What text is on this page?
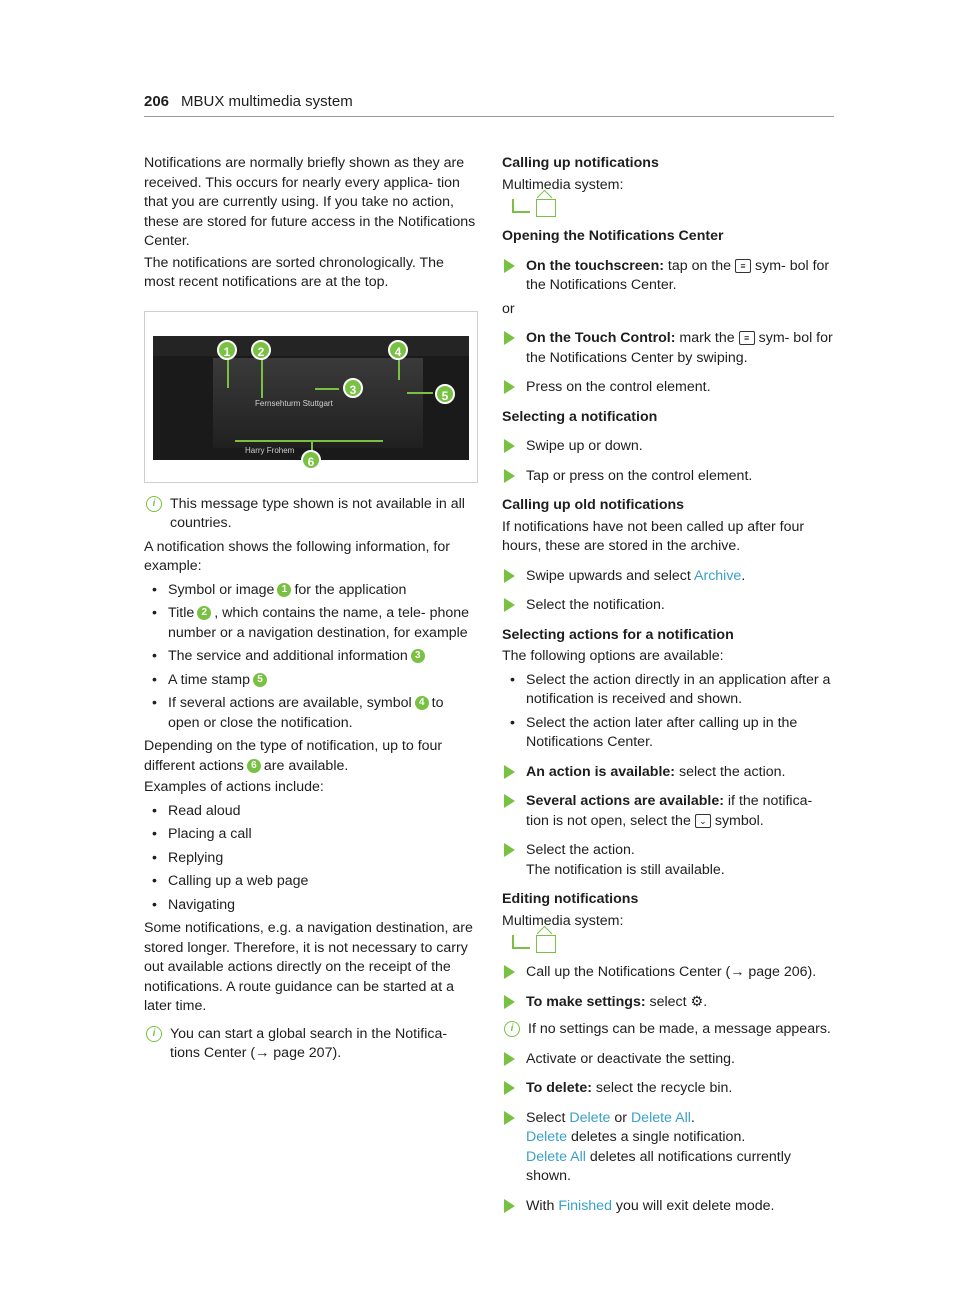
206 MBUX multimedia system

Notifications are normally briefly shown as they are received. This occurs for nearly every applica- tion that you are currently using. If you take no action, these are stored for future access in the Notifications Center.

The notifications are sorted chronologically. The most recent notifications are at the top.

Fernsehturm Stuttgart
Harry Frohem
1	2
3
4
5
6
i	This message type shown is not available in all countries.

A notification shows the following information, for example:

• Symbol or image 1 for the application
• Title 2 , which contains the name, a tele- phone number or a navigation destination, for example
• The service and additional information 3
• A time stamp 5
• If several actions are available, symbol 4 to open or close the notification.

Depending on the type of notification, up to four different actions 6 are available.

Examples of actions include:

• Read aloud
• Placing a call
• Replying
• Calling up a web page
• Navigating

Some notifications, e.g. a navigation destination, are stored longer. Therefore, it is not necessary to carry out available actions directly on the receipt of the notifications. A route guidance can be started at a later time.

i	You can start a global search in the Notifica- tions Center (→ page 207).
Calling up notifications

Multimedia system:

Opening the Notifications Center
On the touchscreen: tap on the ≡ sym- bol for the Notifications Center.

or

On the Touch Control: mark the ≡ sym- bol for the Notifications Center by swiping.
Press on the control element.
Selecting a notification
Swipe up or down.
Tap or press on the control element.
Calling up old notifications

If notifications have not been called up after four hours, these are stored in the archive.

Swipe upwards and select Archive.
Select the notification.
Selecting actions for a notification

The following options are available:

• Select the action directly in an application after a notification is received and shown.
• Select the action later after calling up in the Notifications Center.
An action is available: select the action.
Several actions are available: if the notifica- tion is not open, select the ⌄ symbol.
Select the action.
The notification is still available.
Editing notifications

Multimedia system:

Call up the Notifications Center (→ page 206).
To make settings: select ⚙.
i	If no settings can be made, a message appears.
Activate or deactivate the setting.
To delete: select the recycle bin.
Select Delete or Delete All.
Delete deletes a single notification.
Delete All deletes all notifications currently shown.
With Finished you will exit delete mode.
